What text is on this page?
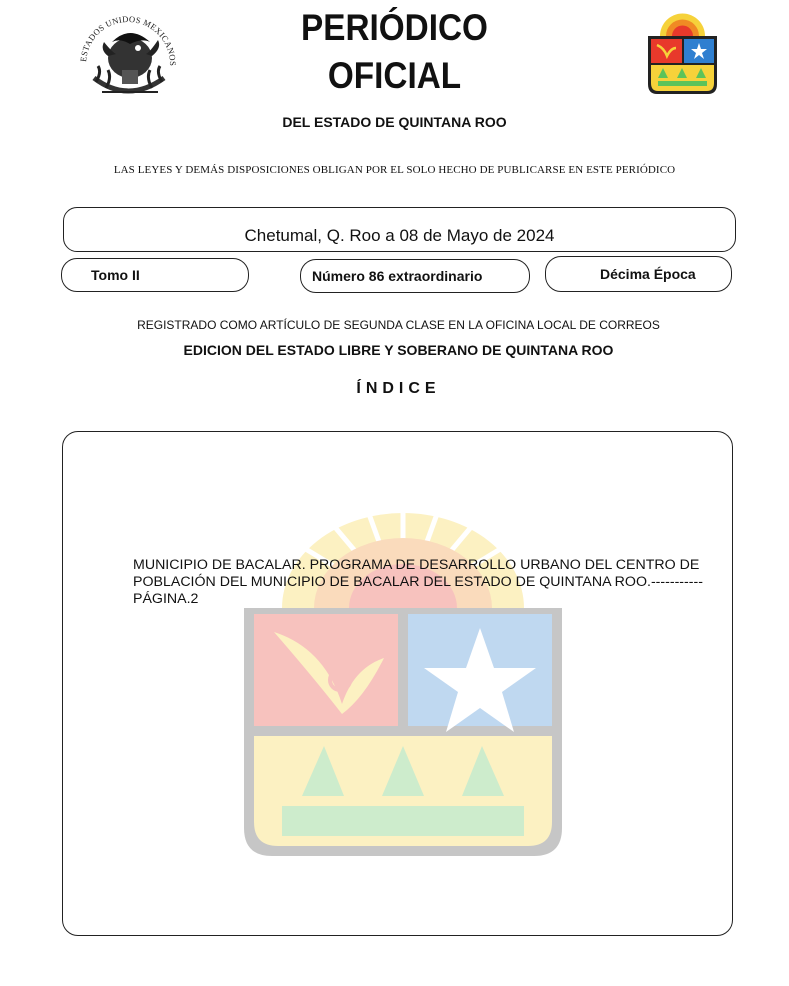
ESTADOS UNIDOS MEXICANOS
PERIÓDICO
OFICIAL
DEL ESTADO DE QUINTANA ROO
LAS LEYES Y DEMÁS DISPOSICIONES OBLIGAN POR EL SOLO HECHO DE PUBLICARSE EN ESTE PERIÓDICO
Chetumal, Q. Roo a 08 de Mayo de 2024
Tomo II	Número 86 extraordinario	Décima Época
REGISTRADO COMO ARTÍCULO DE SEGUNDA CLASE EN LA OFICINA LOCAL DE CORREOS
EDICION DEL ESTADO LIBRE Y SOBERANO DE QUINTANA ROO
ÍNDICE
MUNICIPIO DE BACALAR. PROGRAMA DE DESARROLLO URBANO DEL CENTRO DE POBLACIÓN DEL MUNICIPIO DE BACALAR DEL ESTADO DE QUINTANA ROO.-----------PÁGINA.2
